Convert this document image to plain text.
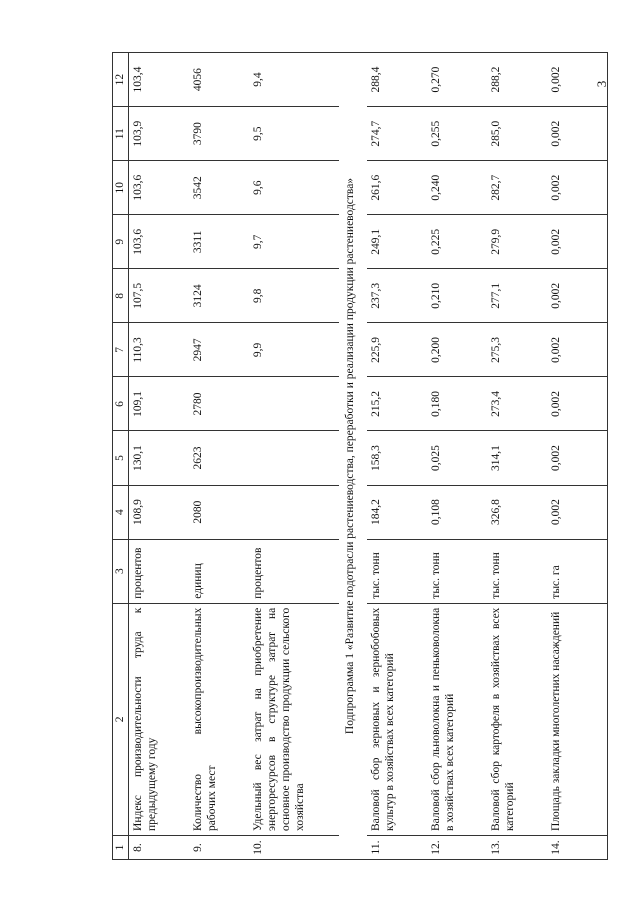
3
1	2	3	4	5	6	7	8	9	10	11	12
8.	Индекс производительности труда к предыдущему году	процентов	108,9	130,1	109,1	110,3	107,5	103,6	103,6	103,9	103,4
9.	Количество высокопроизводительных рабочих мест	единиц	2080	2623	2780	2947	3124	3311	3542	3790	4056
10.	Удельный вес затрат на приобретение энергоресурсов в структуре затрат на основное производство продукции сельского хозяйства	процентов				9,9	9,8	9,7	9,6	9,5	9,4
Подпрограмма 1 «Развитие подотрасли растениеводства, переработки и реализации продукции растениеводства»											
11.	Валовой сбор зерновых и зернобобовых культур в хозяйствах всех категорий	тыс. тонн	184,2	158,3	215,2	225,9	237,3	249,1	261,6	274,7	288,4
12.	Валовой сбор льноволокна и пеньковолокна в хозяйствах всех категорий	тыс. тонн	0,108	0,025	0,180	0,200	0,210	0,225	0,240	0,255	0,270
13.	Валовой сбор картофеля в хозяйствах всех категорий	тыс. тонн	326,8	314,1	273,4	275,3	277,1	279,9	282,7	285,0	288,2
14.	Площадь закладки многолетних насаждений	тыс. га	0,002	0,002	0,002	0,002	0,002	0,002	0,002	0,002	0,002
